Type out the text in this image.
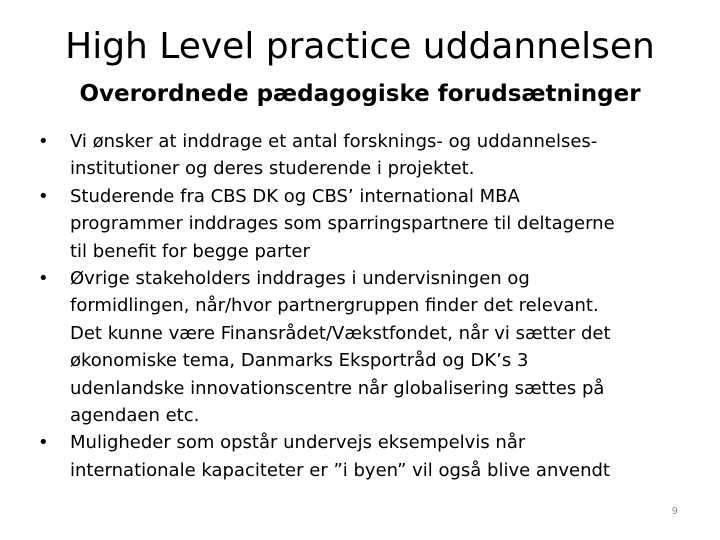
High Level practice uddannelsen
Overordnede pædagogiske forudsætninger
•	Vi ønsker at inddrage et antal forsknings- og uddannelses-
institutioner og deres studerende i projektet.
•	Studerende fra CBS DK og CBS’ international MBA
programmer inddrages som sparringspartnere til deltagerne
til benefit for begge parter
•	Øvrige stakeholders inddrages i undervisningen og
formidlingen, når/hvor partnergruppen finder det relevant.
Det kunne være Finansrådet/Vækstfondet, når vi sætter det
økonomiske tema, Danmarks Eksportråd og DK’s 3
udenlandske innovationscentre når globalisering sættes på
agendaen etc.
•	Muligheder som opstår undervejs eksempelvis når
internationale kapaciteter er ”i byen” vil også blive anvendt
9
